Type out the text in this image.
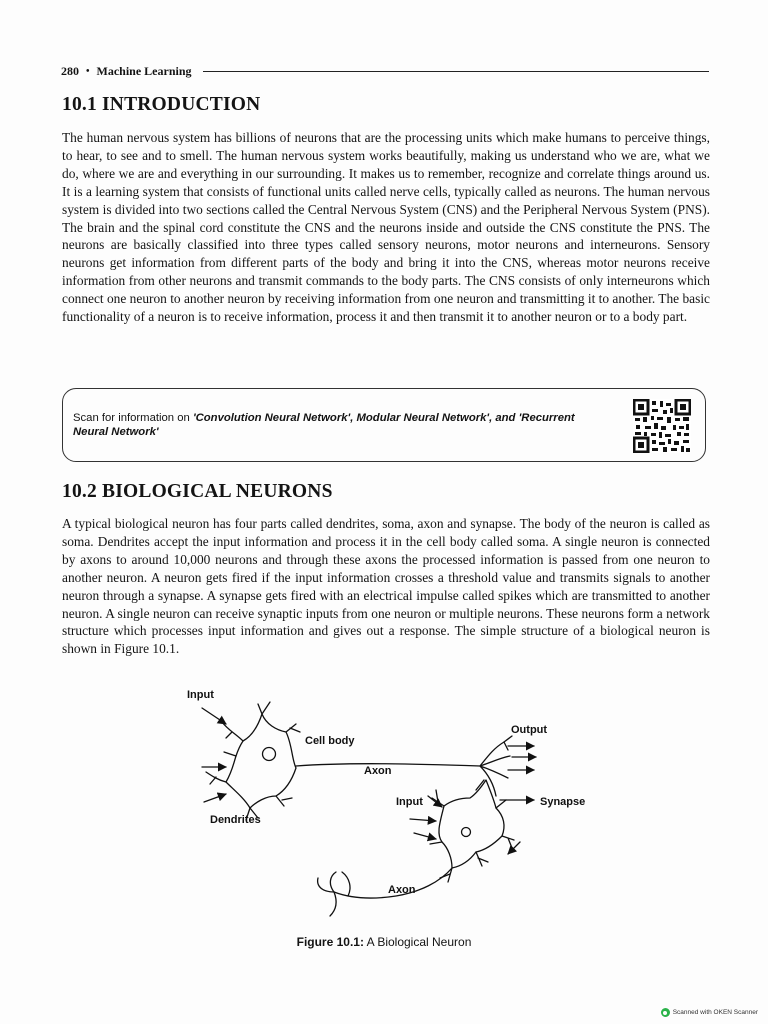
280 • Machine Learning
10.1 INTRODUCTION

The human nervous system has billions of neurons that are the processing units which make humans to perceive things, to hear, to see and to smell. The human nervous system works beautifully, making us understand who we are, what we do, where we are and everything in our surrounding. It makes us to remember, recognize and correlate things around us. It is a learning system that consists of functional units called nerve cells, typically called as neurons. The human nervous system is divided into two sections called the Central Nervous System (CNS) and the Peripheral Nervous System (PNS). The brain and the spinal cord constitute the CNS and the neurons inside and outside the CNS constitute the PNS. The neurons are basically classified into three types called sensory neurons, motor neurons and interneurons. Sensory neurons get information from different parts of the body and bring it into the CNS, whereas motor neurons receive information from other neurons and transmit commands to the body parts. The CNS consists of only interneurons which connect one neuron to another neuron by receiving information from one neuron and transmitting it to another. The basic functionality of a neuron is to receive information, process it and then transmit it to another neuron or to a body part.

Scan for information on 'Convolution Neural Network', Modular Neural Network', and 'Recurrent Neural Network'
10.2 BIOLOGICAL NEURONS

A typical biological neuron has four parts called dendrites, soma, axon and synapse. The body of the neuron is called as soma. Dendrites accept the input information and process it in the cell body called soma. A single neuron is connected by axons to around 10,000 neurons and through these axons the processed information is passed from one neuron to another neuron. A neuron gets fired if the input information crosses a threshold value and transmits signals to another neuron through a synapse. A synapse gets fired with an electrical impulse called spikes which are transmitted to another neuron. A single neuron can receive synaptic inputs from one neuron or multiple neurons. These neurons form a network structure which processes input information and gives out a response. The simple structure of a biological neuron is shown in Figure 10.1.

Input
Cell body
Output
Axon
Input	Synapse
Dendrites
Axon
Figure 10.1: A Biological Neuron
Scanned with OKEN Scanner
